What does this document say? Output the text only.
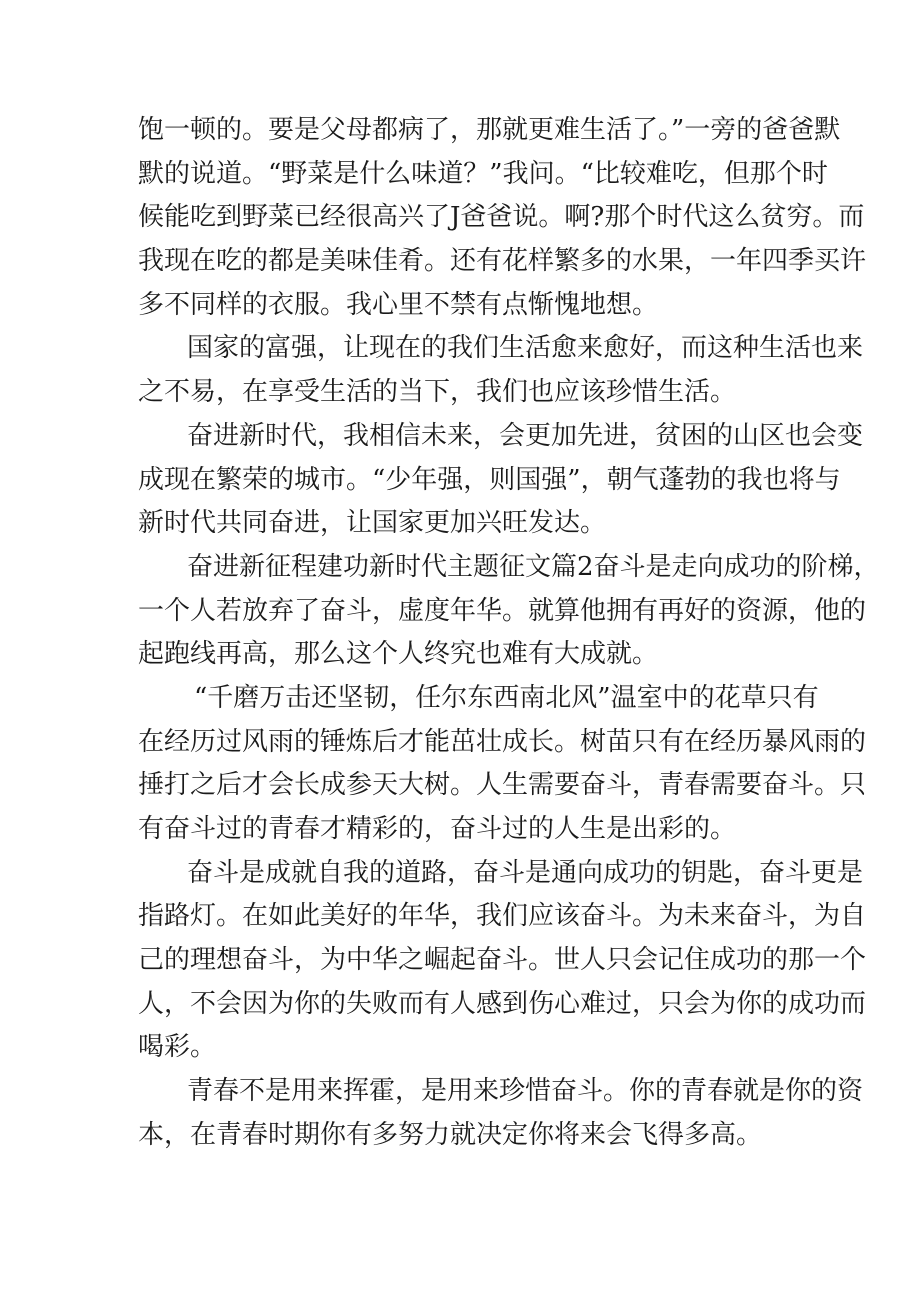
饱一顿的。要是父母都病了，那就更难生活了。”一旁的爸爸默
默的说道。“野菜是什么味道？”我问。“比较难吃，但那个时
候能吃到野菜已经很高兴了J爸爸说。啊?那个时代这么贫穷。而
我现在吃的都是美味佳肴。还有花样繁多的水果，一年四季买许
多不同样的衣服。我心里不禁有点惭愧地想。
国家的富强，让现在的我们生活愈来愈好，而这种生活也来
之不易，在享受生活的当下，我们也应该珍惜生活。
奋进新时代，我相信未来，会更加先进，贫困的山区也会变
成现在繁荣的城市。“少年强，则国强”，朝气蓬勃的我也将与
新时代共同奋进，让国家更加兴旺发达。
奋进新征程建功新时代主题征文篇2奋斗是走向成功的阶梯，
一个人若放弃了奋斗，虚度年华。就算他拥有再好的资源，他的
起跑线再高，那么这个人终究也难有大成就。
“千磨万击还坚韧，任尔东西南北风”温室中的花草只有
在经历过风雨的锤炼后才能茁壮成长。树苗只有在经历暴风雨的
捶打之后才会长成参天大树。人生需要奋斗，青春需要奋斗。只
有奋斗过的青春才精彩的，奋斗过的人生是出彩的。
奋斗是成就自我的道路，奋斗是通向成功的钥匙，奋斗更是
指路灯。在如此美好的年华，我们应该奋斗。为未来奋斗，为自
己的理想奋斗，为中华之崛起奋斗。世人只会记住成功的那一个
人，不会因为你的失败而有人感到伤心难过，只会为你的成功而
喝彩。
青春不是用来挥霍，是用来珍惜奋斗。你的青春就是你的资
本，在青春时期你有多努力就决定你将来会飞得多高。
